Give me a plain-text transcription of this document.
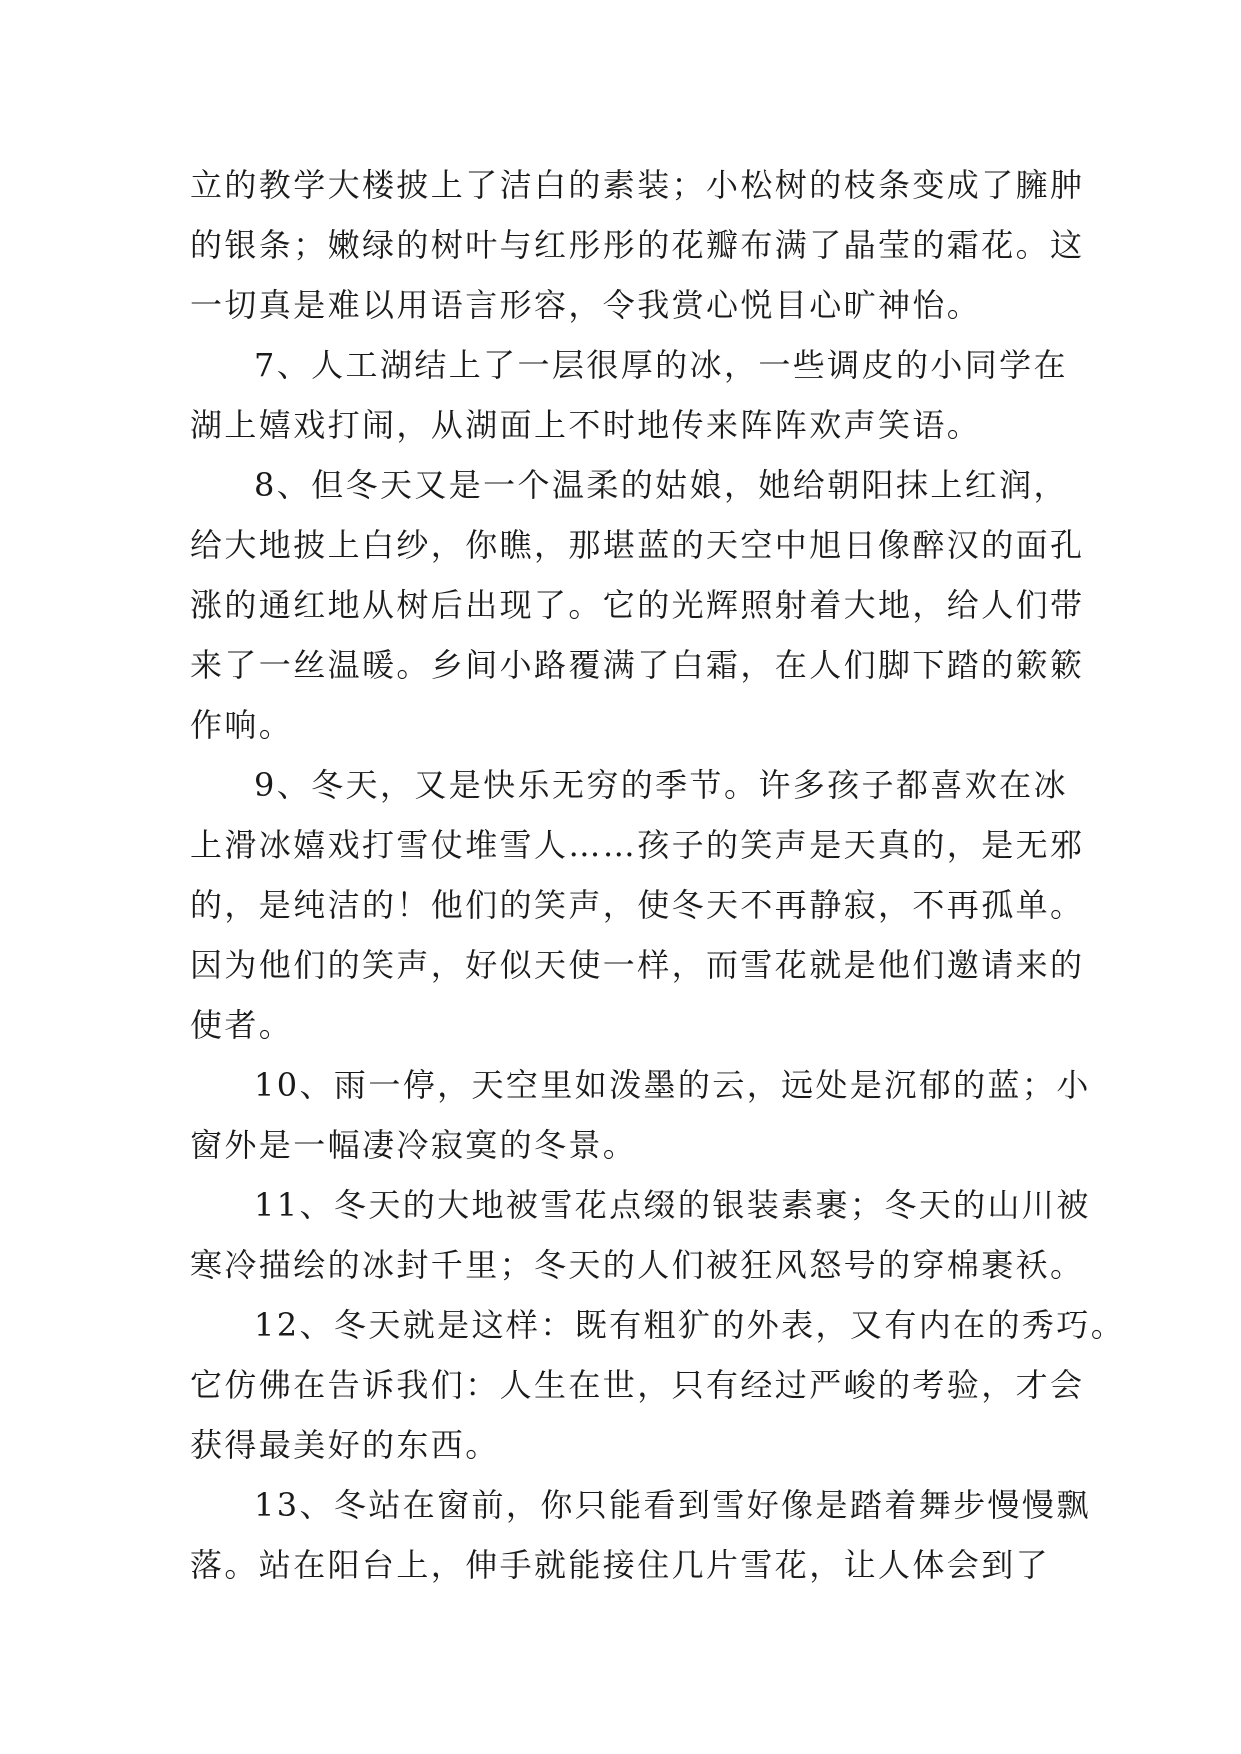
立的教学大楼披上了洁白的素装；小松树的枝条变成了臃肿
的银条；嫩绿的树叶与红彤彤的花瓣布满了晶莹的霜花。这
一切真是难以用语言形容，令我赏心悦目心旷神怡。
7、人工湖结上了一层很厚的冰，一些调皮的小同学在
湖上嬉戏打闹，从湖面上不时地传来阵阵欢声笑语。
8、但冬天又是一个温柔的姑娘，她给朝阳抹上红润，
给大地披上白纱，你瞧，那堪蓝的天空中旭日像醉汉的面孔
涨的通红地从树后出现了。它的光辉照射着大地，给人们带
来了一丝温暖。乡间小路覆满了白霜，在人们脚下踏的簌簌
作响。
9、冬天，又是快乐无穷的季节。许多孩子都喜欢在冰
上滑冰嬉戏打雪仗堆雪人……孩子的笑声是天真的，是无邪
的，是纯洁的！他们的笑声，使冬天不再静寂，不再孤单。
因为他们的笑声，好似天使一样，而雪花就是他们邀请来的
使者。
10、雨一停，天空里如泼墨的云，远处是沉郁的蓝；小
窗外是一幅凄冷寂寞的冬景。
11、冬天的大地被雪花点缀的银装素裹；冬天的山川被
寒冷描绘的冰封千里；冬天的人们被狂风怒号的穿棉裹袄。
12、冬天就是这样：既有粗犷的外表，又有内在的秀巧。
它仿佛在告诉我们：人生在世，只有经过严峻的考验，才会
获得最美好的东西。
13、冬站在窗前，你只能看到雪好像是踏着舞步慢慢飘
落。站在阳台上，伸手就能接住几片雪花，让人体会到了
